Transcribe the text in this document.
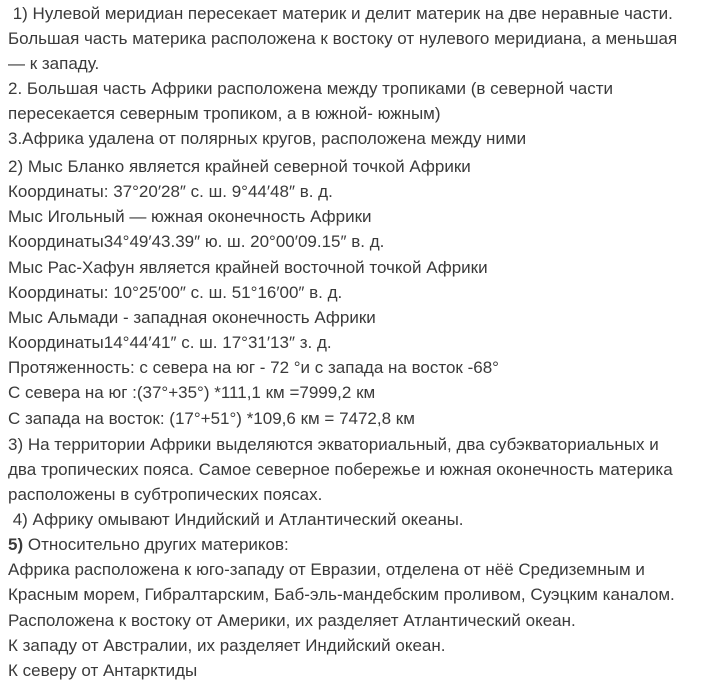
1) Нулевой меридиан пересекает материк и делит материк на две неравные части.
Большая часть материка расположена к востоку от нулевого меридиана, а меньшая
— к западу.
2. Большая часть Африки расположена между тропиками (в северной части
пересекается северным тропиком, а в южной- южным)
3.Африка удалена от полярных кругов, расположена между ними
2) Мыс Бланко является крайней северной точкой Африки
Координаты: 37°20′28″ с. ш. 9°44′48″ в. д.
Мыс Игольный — южная оконечность Африки
Координаты34°49′43.39″ ю. ш. 20°00′09.15″ в. д.
Мыс Рас-Хафун является крайней восточной точкой Африки
Координаты: 10°25′00″ с. ш. 51°16′00″ в. д.
Мыс Альмади - западная оконечность Африки
Координаты14°44′41″ с. ш. 17°31′13″ з. д.
Протяженность: с севера на юг - 72 °и с запада на восток -68°
С севера на юг :(37°+35°) *111,1 км =7999,2 км
С запада на восток: (17°+51°) *109,6 км = 7472,8 км
3) На территории Африки выделяются экваториальный, два субэкваториальных и
два тропических пояса. Самое северное побережье и южная оконечность материка
расположены в субтропических поясах.
4) Африку омывают Индийский и Атлантический океаны.
5) Относительно других материков:
Африка расположена к юго-западу от Евразии, отделена от нёё Средиземным и
Красным морем, Гибралтарским, Баб-эль-мандебским проливом, Суэцким каналом.
Расположена к востоку от Америки, их разделяет Атлантический океан.
К западу от Австралии, их разделяет Индийский океан.
К северу от Антарктиды
